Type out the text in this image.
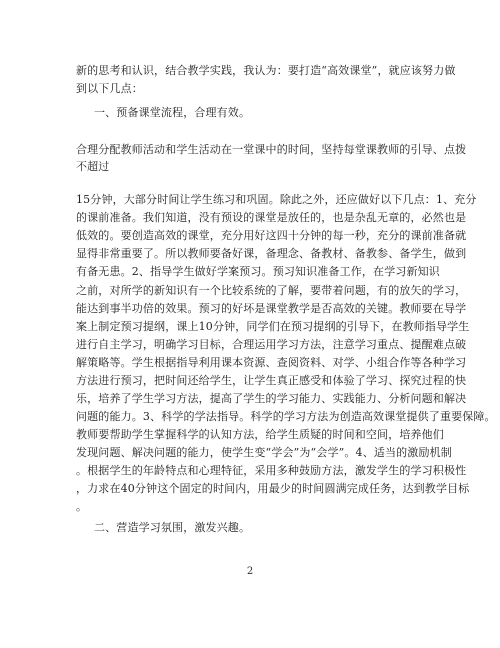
新的思考和认识，结合教学实践，我认为：要打造“高效课堂”，就应该努力做
到以下几点：
一、预备课堂流程，合理有效。
合理分配教师活动和学生活动在一堂课中的时间，坚持每堂课教师的引导、点拨
不超过
15分钟，大部分时间让学生练习和巩固。除此之外，还应做好以下几点：1、充分
的课前准备。我们知道，没有预设的课堂是放任的，也是杂乱无章的，必然也是
低效的。要创造高效的课堂，充分用好这四十分钟的每一秒，充分的课前准备就
显得非常重要了。所以教师要备好课，备理念、备教材、备教参、备学生，做到
有备无患。2、指导学生做好学案预习。预习知识准备工作，在学习新知识
之前，对所学的新知识有一个比较系统的了解，要带着问题，有的放矢的学习，
能达到事半功倍的效果。预习的好坏是课堂教学是否高效的关键。教师要在导学
案上制定预习提纲，课上10分钟，同学们在预习提纲的引导下，在教师指导学生
进行自主学习，明确学习目标，合理运用学习方法，注意学习重点、提醒难点破
解策略等。学生根据指导利用课本资源、查阅资料、对学、小组合作等各种学习
方法进行预习，把时间还给学生，让学生真正感受和体验了学习、探究过程的快
乐，培养了学生学习方法，提高了学生的学习能力、实践能力、分析问题和解决
问题的能力。3、科学的学法指导。科学的学习方法为创造高效课堂提供了重要保障。
教师要帮助学生掌握科学的认知方法，给学生质疑的时间和空间，培养他们
发现问题、解决问题的能力，使学生变“学会”为“会学”。4、适当的激励机制
。根据学生的年龄特点和心理特征，采用多种鼓励方法，激发学生的学习积极性
，力求在40分钟这个固定的时间内，用最少的时间圆满完成任务，达到教学目标
。
二、营造学习氛围，激发兴趣。
2
